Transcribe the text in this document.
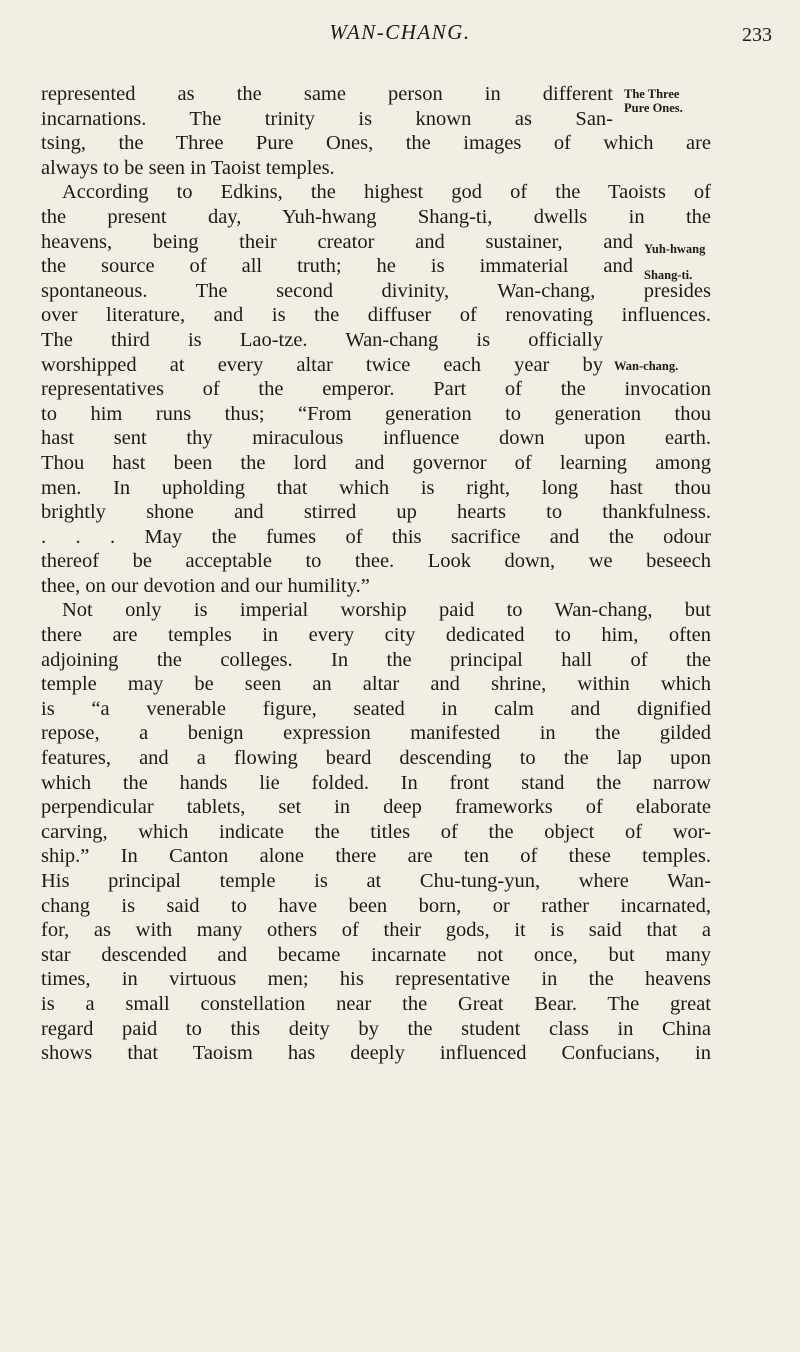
WAN-CHANG.	233
represented as the same person in different
incarnations. The trinity is known as San-
tsing, the Three Pure Ones, the images of which are
always to be seen in Taoist temples.
According to Edkins, the highest god of the Taoists of
the present day, Yuh-hwang Shang-ti, dwells in the
heavens, being their creator and sustainer, and
the source of all truth; he is immaterial and
spontaneous. The second divinity, Wan-chang, presides
over literature, and is the diffuser of renovating influences.
The third is Lao-tze. Wan-chang is officially
worshipped at every altar twice each year by
representatives of the emperor. Part of the invocation
to him runs thus; “From generation to generation thou
hast sent thy miraculous influence down upon earth.
Thou hast been the lord and governor of learning among
men. In upholding that which is right, long hast thou
brightly shone and stirred up hearts to thankfulness.
. . . May the fumes of this sacrifice and the odour
thereof be acceptable to thee. Look down, we beseech
thee, on our devotion and our humility.”
Not only is imperial worship paid to Wan-chang, but
there are temples in every city dedicated to him, often
adjoining the colleges. In the principal hall of the
temple may be seen an altar and shrine, within which
is “a venerable figure, seated in calm and dignified
repose, a benign expression manifested in the gilded
features, and a flowing beard descending to the lap upon
which the hands lie folded. In front stand the narrow
perpendicular tablets, set in deep frameworks of elaborate
carving, which indicate the titles of the object of wor-
ship.” In Canton alone there are ten of these temples.
His principal temple is at Chu-tung-yun, where Wan-
chang is said to have been born, or rather incarnated,
for, as with many others of their gods, it is said that a
star descended and became incarnate not once, but many
times, in virtuous men; his representative in the heavens
is a small constellation near the Great Bear. The great
regard paid to this deity by the student class in China
shows that Taoism has deeply influenced Confucians, in
The Three
Pure Ones.
Yuh-hwang
Shang-ti.
Wan-chang.
